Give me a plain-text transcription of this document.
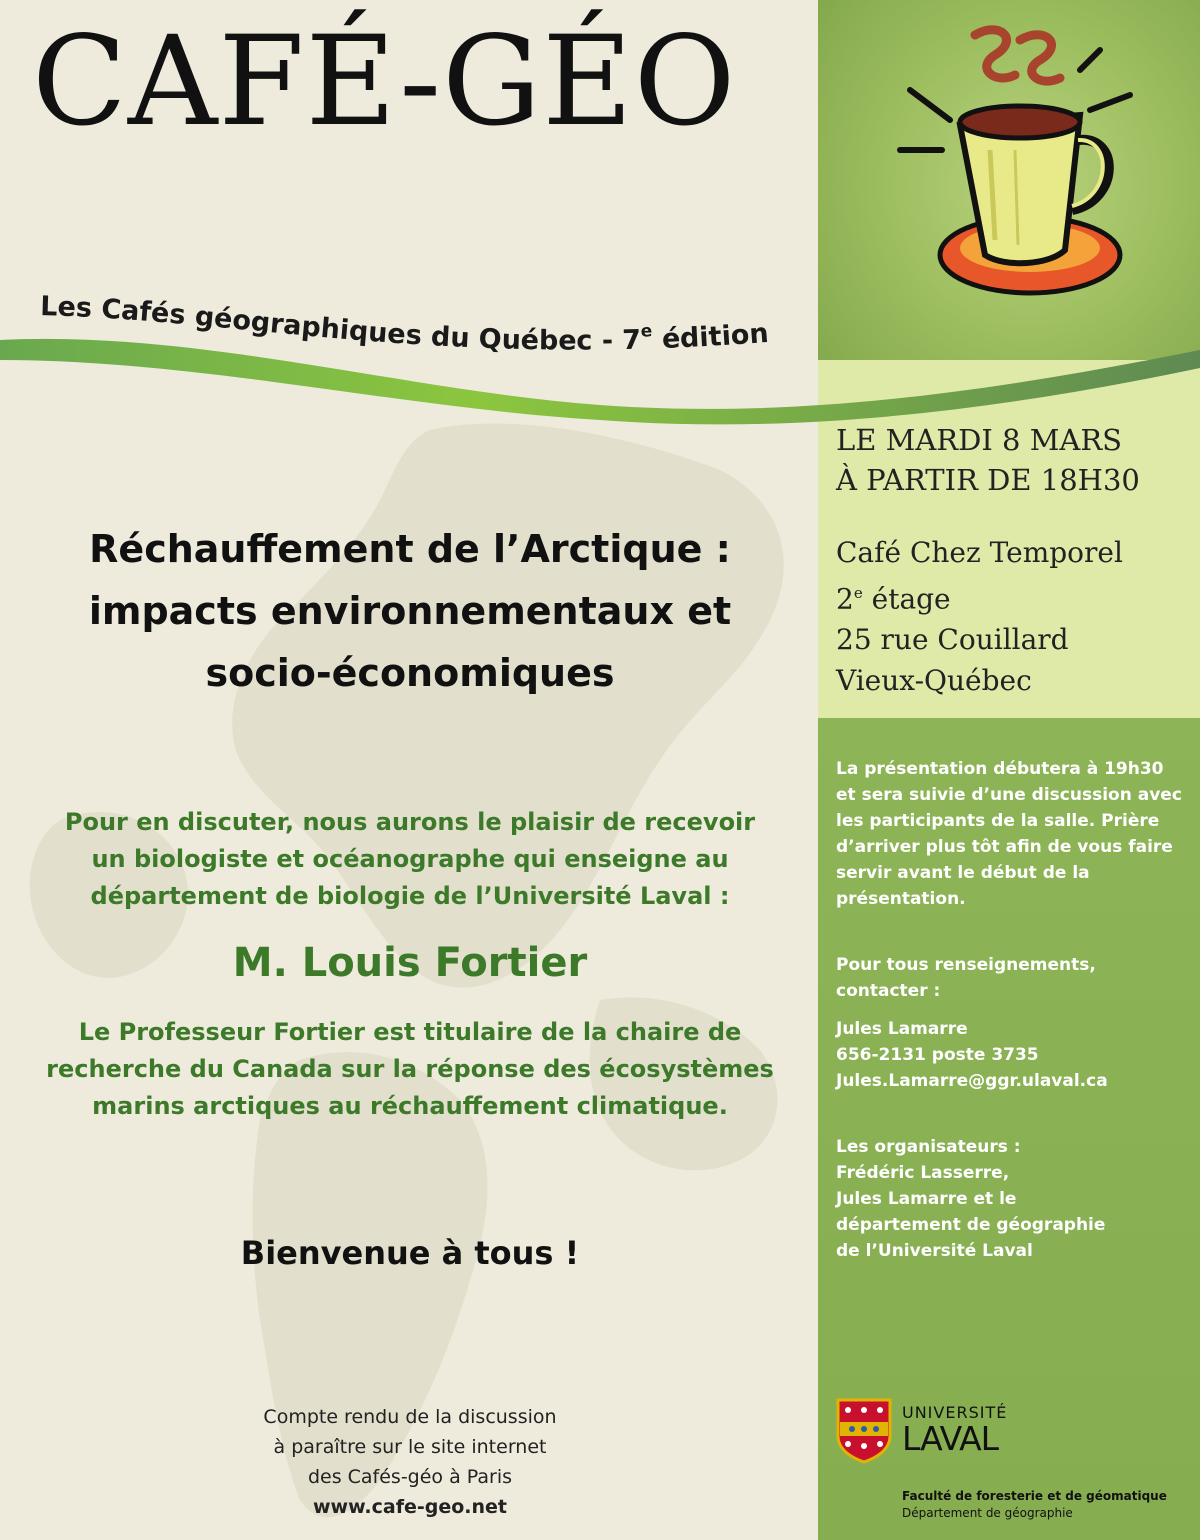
CAFÉ-GÉO
Les Cafés géographiques du Québec - 7e édition

LE MARDI 8 MARS
À PARTIR DE 18H30

Café Chez Temporel
2e étage
25 rue Couillard
Vieux-Québec

Réchauffement de l’Arctique :
impacts environnementaux et
socio-économiques

Pour en discuter, nous aurons le plaisir de recevoir
un biologiste et océanographe qui enseigne au
département de biologie de l’Université Laval :

M. Louis Fortier

Le Professeur Fortier est titulaire de la chaire de
recherche du Canada sur la réponse des écosystèmes
marins arctiques au réchauffement climatique.

Bienvenue à tous !

La présentation débutera à 19h30
et sera suivie d’une discussion avec
les participants de la salle. Prière
d’arriver plus tôt afin de vous faire
servir avant le début de la
présentation.

Pour tous renseignements,
contacter :

Jules Lamarre
656-2131 poste 3735
Jules.Lamarre@ggr.ulaval.ca

Les organisateurs :
Frédéric Lasserre,
Jules Lamarre et le
département de géographie
de l’Université Laval

Compte rendu de la discussion
à paraître sur le site internet
des Cafés-géo à Paris
www.cafe-geo.net

UNIVERSITÉ
LAVAL

Faculté de foresterie et de géomatique
Département de géographie
